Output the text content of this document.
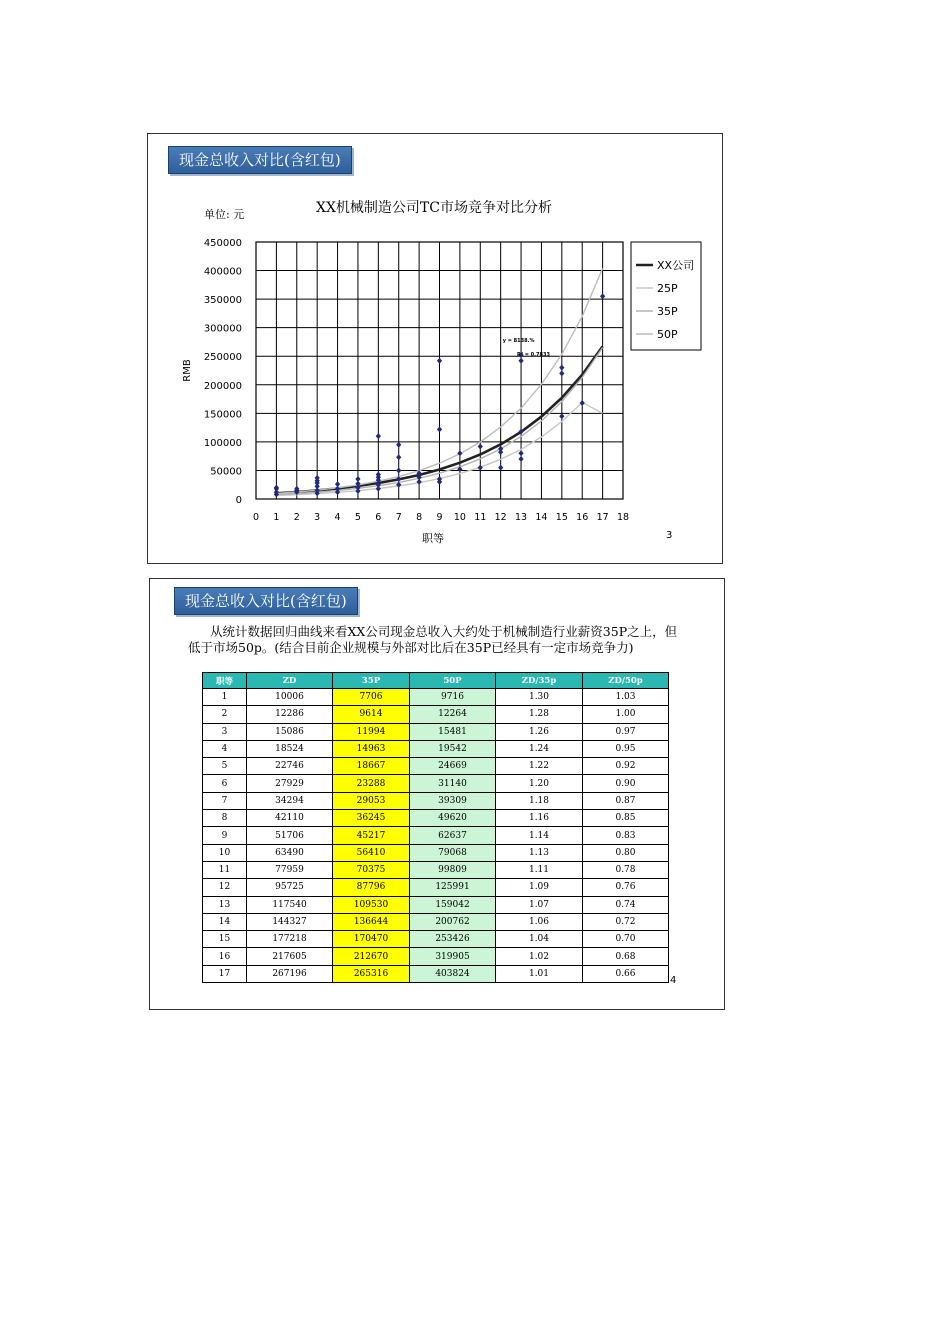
现金总收入对比(含红包)
单位: 元	XX机械制造公司TC市场竞争对比分析
0
50000
100000
150000
200000
250000
300000
350000
400000
450000
0 1 2 3 4 5 6 7 8 9 10 11 12 13 14 15 16 17 18
RMB
职等
y = 8138.%
R² = 0.7833
XX公司
25P
35P
50P
3
现金总收入对比(含红包)
从统计数据回归曲线来看XX公司现金总收入大约处于机械制造行业薪资35P之上，但低于市场50p。(结合目前企业规模与外部对比后在35P已经具有一定市场竞争力)
职等	ZD	35P	50P	ZD/35p	ZD/50p
1	10006	7706	9716	1.30	1.03
2	12286	9614	12264	1.28	1.00
3	15086	11994	15481	1.26	0.97
4	18524	14963	19542	1.24	0.95
5	22746	18667	24669	1.22	0.92
6	27929	23288	31140	1.20	0.90
7	34294	29053	39309	1.18	0.87
8	42110	36245	49620	1.16	0.85
9	51706	45217	62637	1.14	0.83
10	63490	56410	79068	1.13	0.80
11	77959	70375	99809	1.11	0.78
12	95725	87796	125991	1.09	0.76
13	117540	109530	159042	1.07	0.74
14	144327	136644	200762	1.06	0.72
15	177218	170470	253426	1.04	0.70
16	217605	212670	319905	1.02	0.68
17	267196	265316	403824	1.01	0.66
4
